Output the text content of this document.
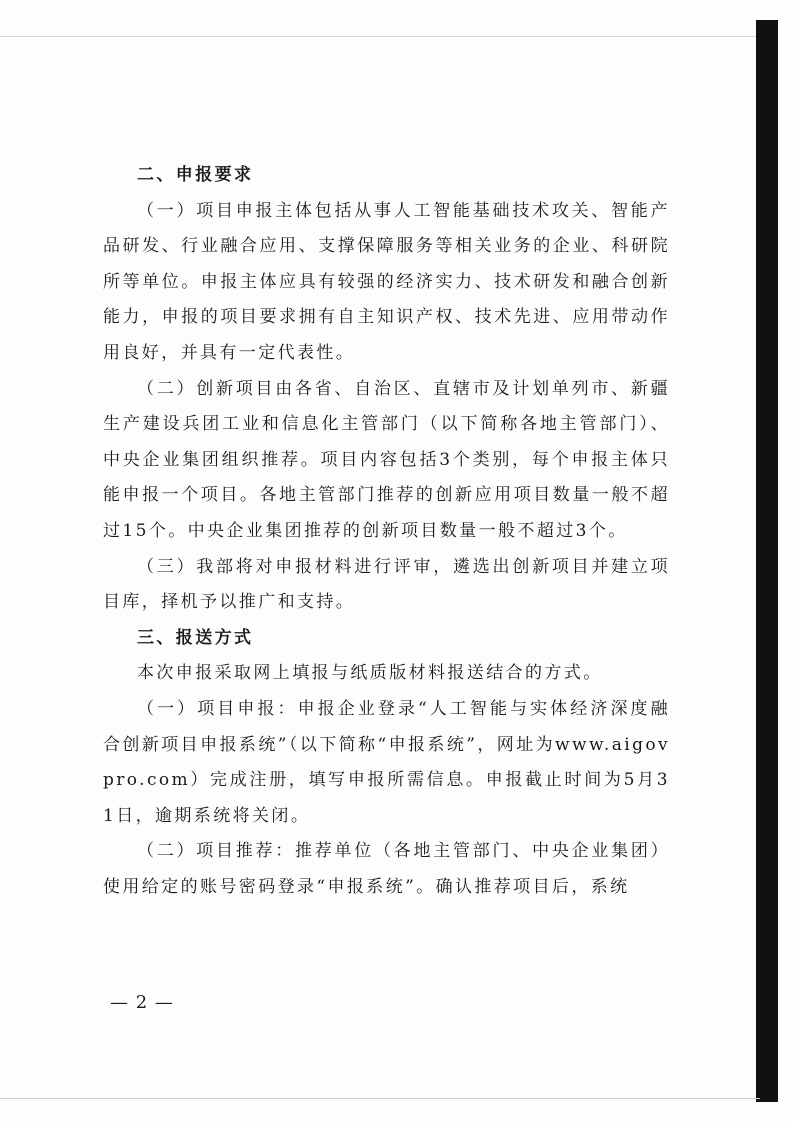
二、申报要求

（一）项目申报主体包括从事人工智能基础技术攻关、智能产品研发、行业融合应用、支撑保障服务等相关业务的企业、科研院所等单位。申报主体应具有较强的经济实力、技术研发和融合创新能力，申报的项目要求拥有自主知识产权、技术先进、应用带动作用良好，并具有一定代表性。

（二）创新项目由各省、自治区、直辖市及计划单列市、新疆生产建设兵团工业和信息化主管部门（以下简称各地主管部门）、中央企业集团组织推荐。项目内容包括3个类别，每个申报主体只能申报一个项目。各地主管部门推荐的创新应用项目数量一般不超过15个。中央企业集团推荐的创新项目数量一般不超过3个。

（三）我部将对申报材料进行评审，遴选出创新项目并建立项目库，择机予以推广和支持。

三、报送方式

本次申报采取网上填报与纸质版材料报送结合的方式。

（一）项目申报：申报企业登录“人工智能与实体经济深度融合创新项目申报系统”（以下简称“申报系统”，网址为www.aigovpro.com）完成注册，填写申报所需信息。申报截止时间为5月31日，逾期系统将关闭。

（二）项目推荐：推荐单位（各地主管部门、中央企业集团）使用给定的账号密码登录“申报系统”。确认推荐项目后，系统

— 2 —
